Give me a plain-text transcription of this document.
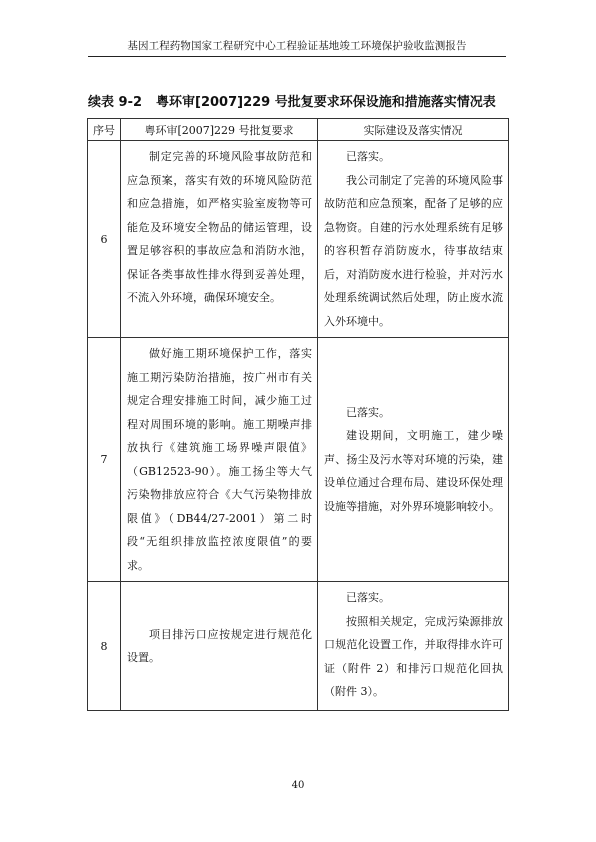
基因工程药物国家工程研究中心工程验证基地竣工环境保护验收监测报告
续表 9-2 粤环审[2007]229 号批复要求环保设施和措施落实情况表
序号	粤环审[2007]229 号批复要求	实际建设及落实情况
6	制定完善的环境风险事故防范和应急预案，落实有效的环境风险防范和应急措施，如严格实验室废物等可能危及环境安全物品的储运管理，设置足够容积的事故应急和消防水池，保证各类事故性排水得到妥善处理，不流入外环境，确保环境安全。	已落实。

我公司制定了完善的环境风险事故防范和应急预案，配备了足够的应急物资。自建的污水处理系统有足够的容积暂存消防废水，待事故结束后，对消防废水进行检验，并对污水处理系统调试然后处理，防止废水流入外环境中。

7	做好施工期环境保护工作，落实施工期污染防治措施，按广州市有关规定合理安排施工时间，减少施工过程对周围环境的影响。施工期噪声排放执行《建筑施工场界噪声限值》（GB12523-90）。施工扬尘等大气污染物排放应符合《大气污染物排放限值》（DB44/27-2001）第二时段“无组织排放监控浓度限值”的要求。	已落实。

建设期间，文明施工，建少噪声、扬尘及污水等对环境的污染，建设单位通过合理布局、建设环保处理设施等措施，对外界环境影响较小。

8	项目排污口应按规定进行规范化设置。	已落实。

按照相关规定，完成污染源排放口规范化设置工作，并取得排水许可证（附件 2）和排污口规范化回执（附件 3）。

40
